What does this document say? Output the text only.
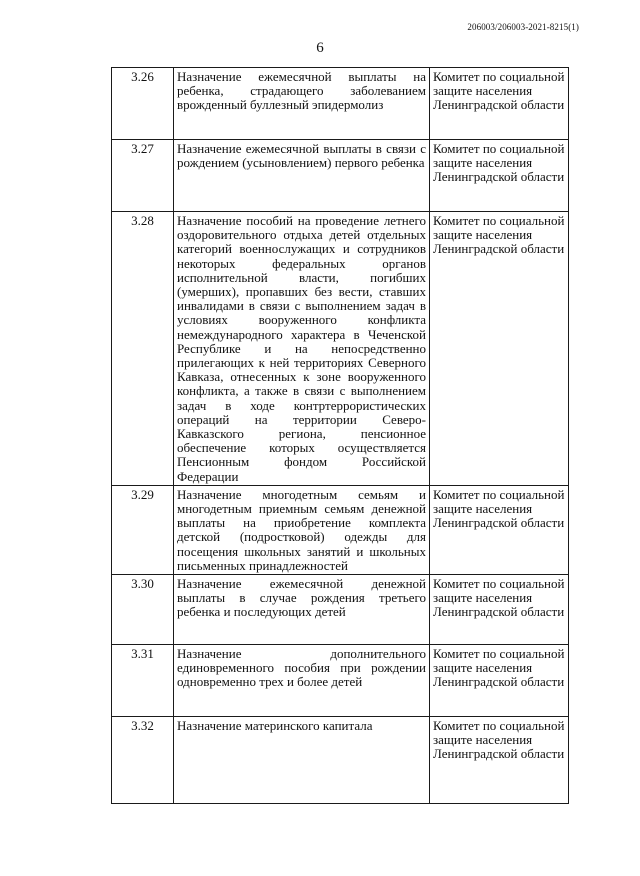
206003/206003-2021-8215(1)
6
3.26	Назначение ежемесячной выплаты на ребенка, страдающего заболеванием врожденный буллезный эпидермолиз	Комитет по социальной защите населения Ленинградской области
3.27	Назначение ежемесячной выплаты в связи с рождением (усыновлением) первого ребенка	Комитет по социальной защите населения Ленинградской области
3.28	Назначение пособий на проведение летнего оздоровительного отдыха детей отдельных категорий военнослужащих и сотрудников некоторых федеральных органов исполнительной власти, погибших (умерших), пропавших без вести, ставших инвалидами в связи с выполнением задач в условиях вооруженного конфликта немеждународного характера в Чеченской Республике и на непосредственно прилегающих к ней территориях Северного Кавказа, отнесенных к зоне вооруженного конфликта, а также в связи с выполнением задач в ходе контртеррористических операций на территории Северо-Кавказского региона, пенсионное обеспечение которых осуществляется Пенсионным фондом Российской Федерации	Комитет по социальной защите населения Ленинградской области
3.29	Назначение многодетным семьям и многодетным приемным семьям денежной выплаты на приобретение комплекта детской (подростковой) одежды для посещения школьных занятий и школьных письменных принадлежностей	Комитет по социальной защите населения Ленинградской области
3.30	Назначение ежемесячной денежной выплаты в случае рождения третьего ребенка и последующих детей	Комитет по социальной защите населения Ленинградской области
3.31	Назначение дополнительного единовременного пособия при рождении одновременно трех и более детей	Комитет по социальной защите населения Ленинградской области
3.32	Назначение материнского капитала	Комитет по социальной защите населения Ленинградской области
